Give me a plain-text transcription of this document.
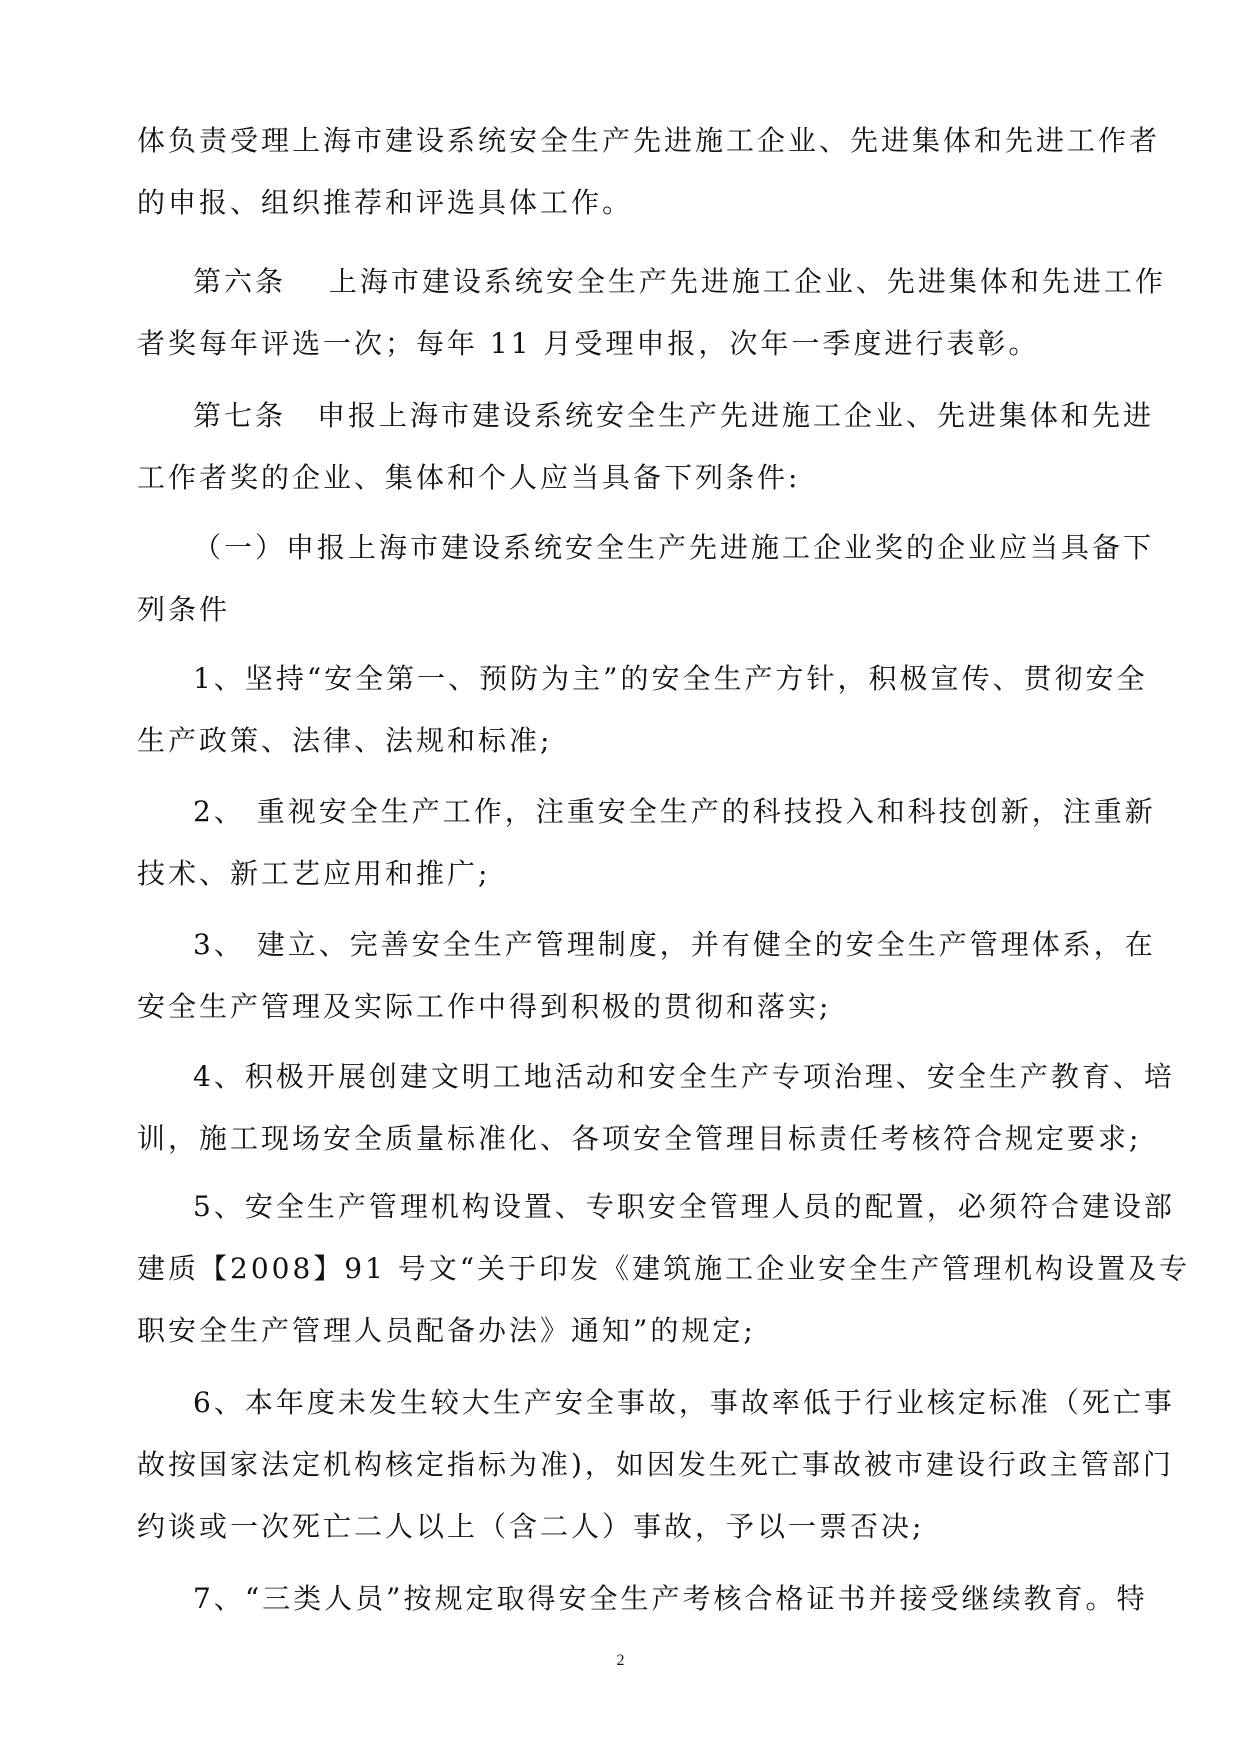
体负责受理上海市建设系统安全生产先进施工企业、先进集体和先进工作者
的申报、组织推荐和评选具体工作。
第六条　 上海市建设系统安全生产先进施工企业、先进集体和先进工作
者奖每年评选一次；每年 11 月受理申报，次年一季度进行表彰。
第七条　申报上海市建设系统安全生产先进施工企业、先进集体和先进
工作者奖的企业、集体和个人应当具备下列条件:
（一）申报上海市建设系统安全生产先进施工企业奖的企业应当具备下
列条件
1、坚持“安全第一、预防为主”的安全生产方针，积极宣传、贯彻安全
生产政策、法律、法规和标准;
2、 重视安全生产工作，注重安全生产的科技投入和科技创新，注重新
技术、新工艺应用和推广;
3、 建立、完善安全生产管理制度，并有健全的安全生产管理体系，在
安全生产管理及实际工作中得到积极的贯彻和落实;
4、积极开展创建文明工地活动和安全生产专项治理、安全生产教育、培
训，施工现场安全质量标准化、各项安全管理目标责任考核符合规定要求;
5、安全生产管理机构设置、专职安全管理人员的配置，必须符合建设部
建质【2008】91 号文“关于印发《建筑施工企业安全生产管理机构设置及专
职安全生产管理人员配备办法》通知”的规定;
6、本年度未发生较大生产安全事故，事故率低于行业核定标准（死亡事
故按国家法定机构核定指标为准)，如因发生死亡事故被市建设行政主管部门
约谈或一次死亡二人以上（含二人）事故，予以一票否决;
7、“三类人员”按规定取得安全生产考核合格证书并接受继续教育。特
2
